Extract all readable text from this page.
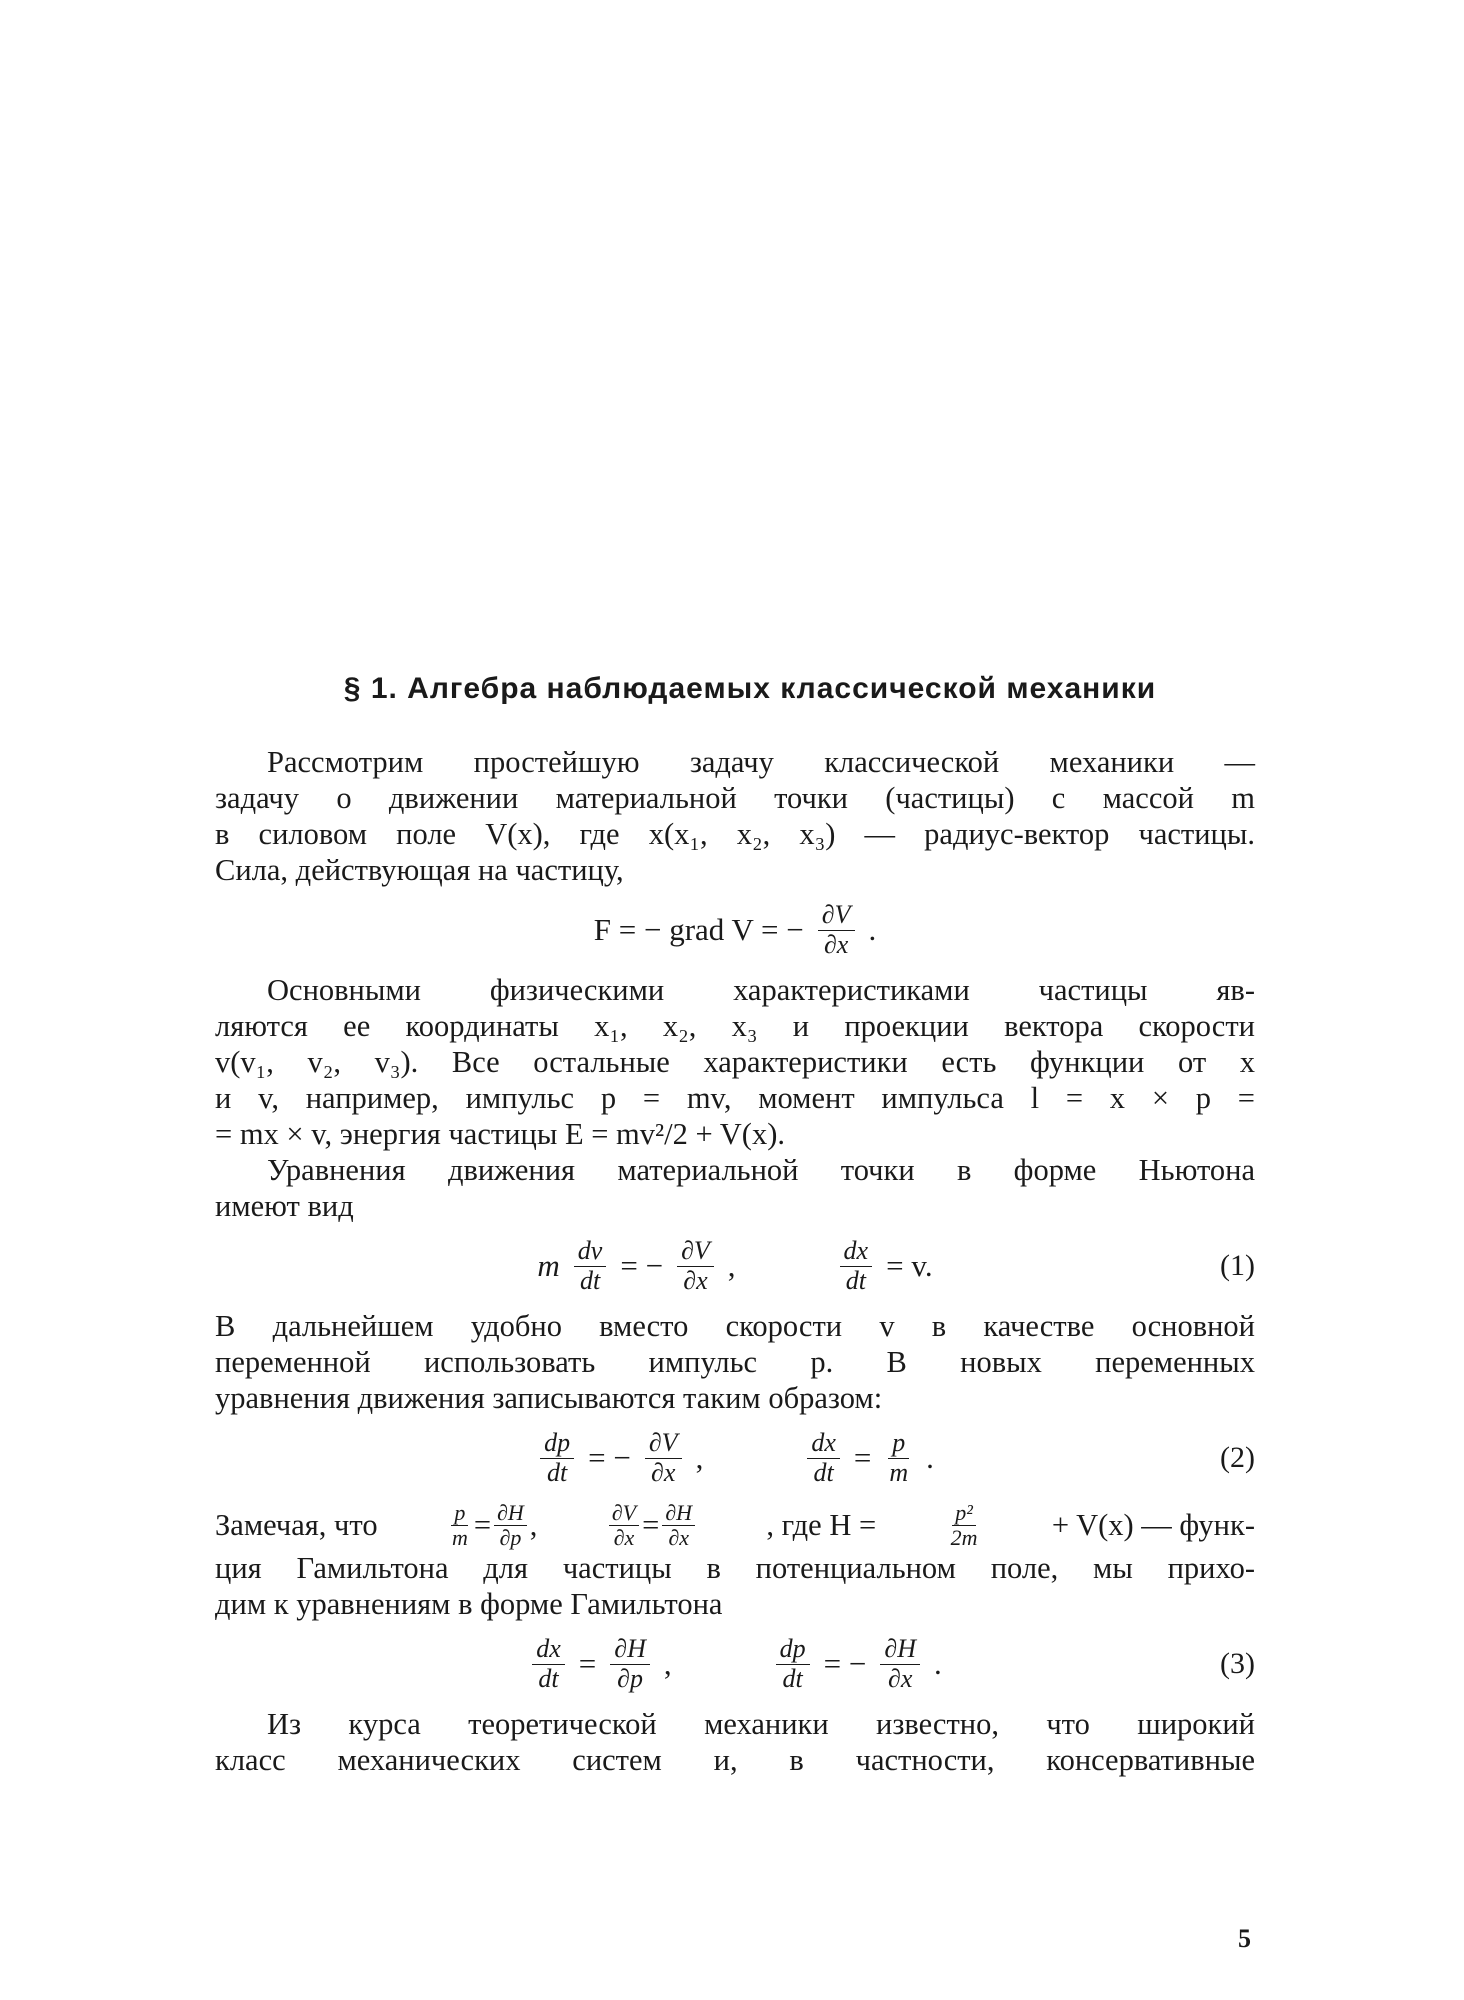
§ 1. Алгебра наблюдаемых классической механики

Рассмотрим простейшую задачу классической механики —
задачу о движении материальной точки (частицы) с массой m
в силовом поле V(x), где x(x₁, x₂, x₃) — радиус-вектор частицы.
Сила, действующая на частицу,

F = − grad V = − $\frac{\partial V}{\partial x}$ .

Основными физическими характеристиками частицы яв-
ляются ее координаты x₁, x₂, x₃ и проекции вектора скорости
v(v₁, v₂, v₃). Все остальные характеристики есть функции от x
и v, например, импульс p = mv, момент импульса l = x × p =
= mx × v, энергия частицы E = mv²/2 + V(x).

Уравнения движения материальной точки в форме Ньютона
имеют вид

m $\frac{dv}{dt}$ = − $\frac{\partial V}{\partial x}$ ,	$\frac{dx}{dt} = v$.	(1)

В дальнейшем удобно вместо скорости v в качестве основной
переменной использовать импульс p. В новых переменных
уравнения движения записываются таким образом:

$\frac{dp}{dt}$ = − $\frac{\partial V}{\partial x}$ ,	$\frac{dx}{dt} = \frac{p}{m}$ .	(2)

Замечая, что	$\frac{p}{m} = \frac{\partial H}{\partial p}$ ,	$\frac{\partial V}{\partial x} = \frac{\partial H}{\partial x}$ , где H =	$\frac{\text{p²}}{2m} + V(x)$ — функ-
ция Гамильтона для частицы в потенциальном поле, мы прихо-
дим к уравнениям в форме Гамильтона

$\frac{dx}{dt} = \frac{\partial H}{\partial p}$ ,	$\frac{dp}{dt}$ = − $\frac{\partial H}{\partial x}$ .	(3)

Из курса теоретической механики известно, что широкий
класс механических систем и, в частности, консервативные

5
